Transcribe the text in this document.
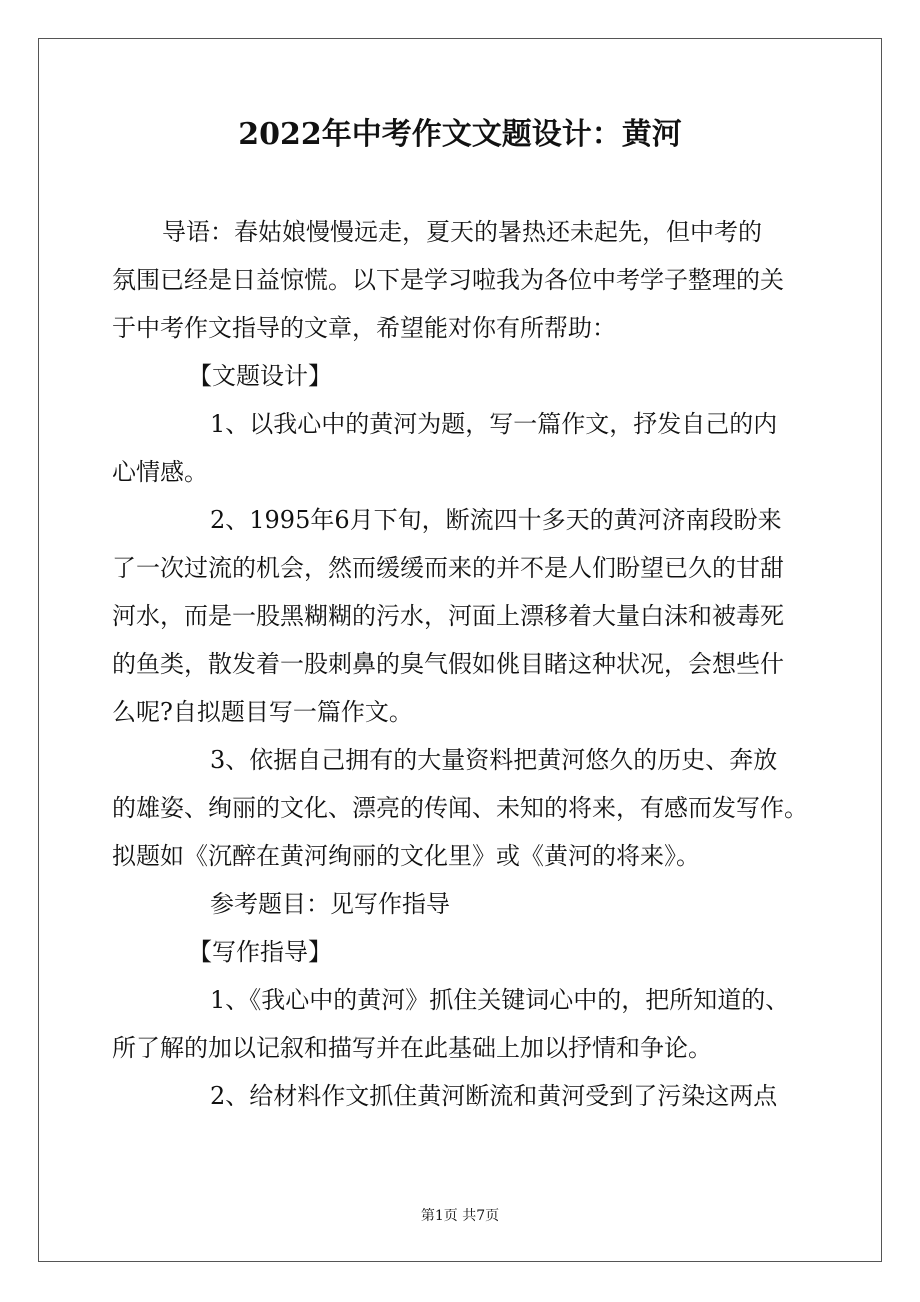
2022年中考作文文题设计：黄河
导语：春姑娘慢慢远走，夏天的暑热还未起先，但中考的
氛围已经是日益惊慌。以下是学习啦我为各位中考学子整理的关
于中考作文指导的文章，希望能对你有所帮助：
【文题设计】
1、以我心中的黄河为题，写一篇作文，抒发自己的内
心情感。
2、1995年6月下旬，断流四十多天的黄河济南段盼来
了一次过流的机会，然而缓缓而来的并不是人们盼望已久的甘甜
河水，而是一股黑糊糊的污水，河面上漂移着大量白沫和被毒死
的鱼类，散发着一股刺鼻的臭气假如佻目睹这种状况，会想些什
么呢?自拟题目写一篇作文。
3、依据自己拥有的大量资料把黄河悠久的历史、奔放
的雄姿、绚丽的文化、漂亮的传闻、未知的将来，有感而发写作。
拟题如《沉醉在黄河绚丽的文化里》或《黄河的将来》。
参考题目：见写作指导
【写作指导】
1、《我心中的黄河》抓住关键词心中的，把所知道的、
所了解的加以记叙和描写并在此基础上加以抒情和争论。
2、给材料作文抓住黄河断流和黄河受到了污染这两点
第1页 共7页
